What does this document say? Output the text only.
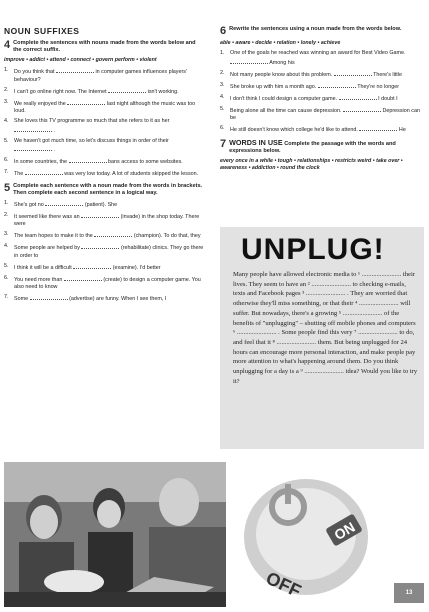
NOUN SUFFIXES
4 Complete the sentences with nouns made from the words below and the correct suffix.
improve • addict • attend • connect • govern perform • violent
1.	Do you think that	in computer games influences players' behaviour?
2.	I can't go online right now. The Internet	isn't working.
3.	We really enjoyed the	last night although the music was too loud.
4.	She loves this TV programme so much that she refers to it as her  .
5.	We haven't got much time, so let's discuss things in order of their  .
6.	In some countries, the	bans access to some websites.
7.	The	was very low today. A lot of students skipped the lesson.
5 Complete each sentence with a noun made from the words in brackets. Then complete each second sentence in a logical way.
1.	She's got no	(patient). She
2.	It seemed like there was an	(invade) in the shop today. There were
3.	The team hopes to make it to the	(champion). To do that, they
4.	Some people are helped by	(rehabilitate) clinics. They go there in order to
5.	I think it will be a difficult	(examine). I'd better
6.	You need more than	(create) to design a computer game. You also need to know
7.	Some	(advertise) are funny. When I see them, I
6 Rewrite the sentences using a noun made from the words below.
able • aware • decide • relation • lonely • achieve
1.	One of the goals he reached was winning an award for Best Video Game.  Among his
2.	Not many people know about this problem.	There's little
3.	She broke up with him a month ago.	They're no longer
4.	I don't think I could design a computer game.	I doubt I
5.	Being alone all the time can cause depression.	Depression can be
6.	He still doesn't know which college he'd like to attend.	He
7 WORDS IN USE Complete the passage with the words and expressions below.
every once in a while • tough • relationships • restricts weird • take over • awareness • addiction • round the clock
UNPLUG!
Many people have allowed electronic media to ¹ ........................ their lives. They seem to have an ² ........................ to checking e-mails, texts and Facebook pages ³ ........................ . They are worried that otherwise they'll miss something, or that their ⁴ ........................ will suffer. But nowadays, there's a growing ⁵ ........................ of the benefits of "unplugging" – shutting off mobile phones and computers ⁶ ........................ . Some people find this very ⁷ ........................ to do, and feel that it ⁸ ........................ them. But being unplugged for 24 hours can encourage more personal interaction, and make people pay more attention to what's happening around them. Do you think unplugging for a day is a ⁹ ........................ idea? Would you like to try it?
ON
OFF	13
